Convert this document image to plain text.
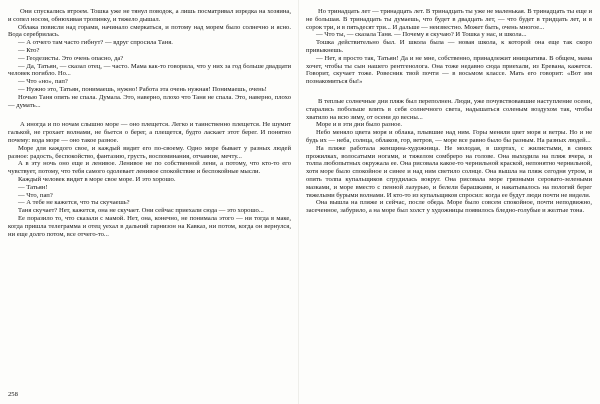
Они спускались втроем. Тошка уже не тянул поводок, а лишь посматривал изредка на хозяина, и сопел носом, обнюхивая тропинку, и тяжело дышал.

Облака повисли над горами, начинало смеркаться, и потому над морем было солнечно и ясно. Вода серебрилась.

— А отчего там часто гибнут? — вдруг спросила Таня.

— Кто?

— Геодезисты. Это очень опасно, да?

— Да, Татьян, — сказал отец, — часто. Мама как-то говорила, что у них за год больше двадцати человек погибло. Но...

— Что «но», пап?

— Нужно это, Татьян, понимаешь, нужно! Работа эта очень нужная! Понимаешь, очень!

Ночью Таня опять не спала. Думала. Это, наверно, плохо что Таня не спала. Это, наверно, плохо — думать...

А иногда и по ночам слышно море — оно плещется. Легко и таинственно плещется. Не шумит галькой, не грохает волнами, не бьется о берег, а плещется, будто ласкает этот берег. И понятно почему: вода море — оно такое разное.

Море для каждого свое, и каждый видит его по-своему. Одно море бывает у разных людей разное: радость, беспокойство, фантазию, грусть, воспоминания, отчаяние, мечту...

А в эту ночь оно еще и ленивое. Ленивое не по собственной лени, а потому, что кто-то его чувствует, потому, что тебя самого одолевает ленивое спокойствие и беспокойные мысли.

Каждый человек видит в море свое море. И это хорошо.

— Татьян!

— Что, пап?

— А тебе не кажется, что ты скучаешь?

Таня скучает? Нет, кажется, она не скучает. Они сейчас приехали сюда — это хорошо...

Ее поразило то, что сказали с мамой. Нет, она, конечно, не понимала этого — ни тогда в маке, когда пришла телеграмма и отец уехал в дальний гарнизон на Кавказ, ни потом, когда он вернулся, ни еще долго потом, все отчего-то...

Но тринадцать лет — тринадцать лет. В тринадцать ты уже не маленькая. В тринадцать ты еще и не большая. В тринадцать ты думаешь, что будет в двадцать лет, — что будет в тридцать лет, и в сорок три, и в пятьдесят три... И дальше — неизвестно. Может быть, очень многое...

— Что ты, — сказала Таня. — Почему я скучаю? И Тошка у нас, и школа...

Тошка действительно был. И школа была — новая школа, к которой она еще так скоро привыкнешь.

— Нет, я просто так, Татьян! Да и не мне, собственно, принадлежит инициатива. В общем, мама хочет, чтобы ты сын нашего рентгенолога. Она тоже недавно сюда приехали, из Еревана, кажется. Говорит, скучает тоже. Ровесник твой почти — в восьмом классе. Мать его говорит: «Вот им познакомиться бы!»

В теплые солнечные дни пляж был переполнен. Люди, уже почувствовавшие наступление осени, старались побольше влить в себя солнечного света, надышаться соленым воздухом так, чтобы хватило на всю зиму, от осени до весны...

Море и в эти дни было разное.

Небо меняло цвета моря и облака, плывшие над ним. Горы меняли цвет моря и ветры. Но и не будь их — неба, солнца, облаков, гор, ветров, — море все равно было бы разным. На разных людей...

На пляже работала женщина-художница. Не молодая, в шортах, с жилистыми, в синих прожилках, волосатыми ногами, и тяжелом сомбреро на голове. Она выходила на пляж вчера, и толпа любопытных окружала ее. Она рисовала какое-то чернильной краской, непонятно чернильной, хотя море было спокойное и синее и над ним светило солнце. Она вышла на пляж сегодня утром, и опять толпа купальщиков сгрудилась вокруг. Она рисовала море грязными серовато-зелеными мазками, и море вместо с пенной лазурью, и белели барашками, и накатывалось на пологий берег тяжелыми бурыми волнами. И кто-то из купальщиков спросил: когда ее будут люди почти не видели.

Она вышла на пляже и сейчас, после обеда. Море было совсем спокойное, почти неподвижно, засеченное, забурило, а на море был холст у художницы появилось бледно-голубые и желтые тона.

258
